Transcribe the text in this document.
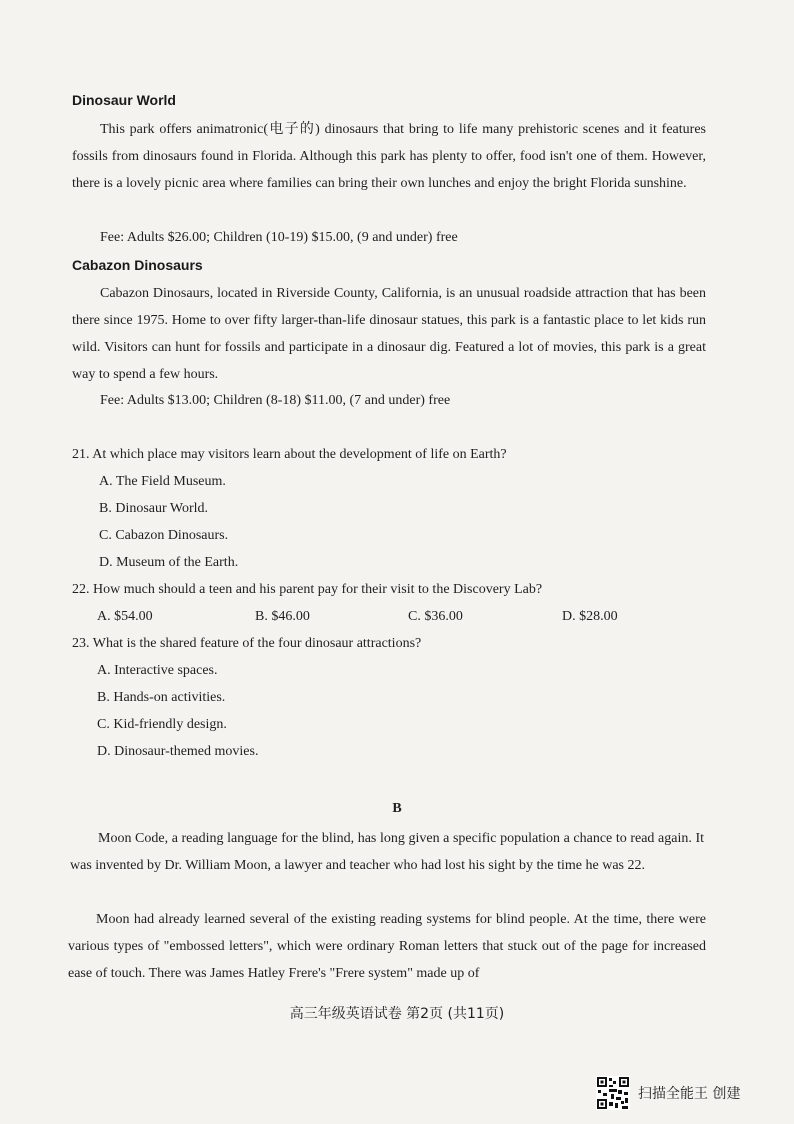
Dinosaur World
This park offers animatronic(电子的) dinosaurs that bring to life many prehistoric scenes and it features fossils from dinosaurs found in Florida. Although this park has plenty to offer, food isn't one of them. However, there is a lovely picnic area where families can bring their own lunches and enjoy the bright Florida sunshine.
Fee: Adults $26.00; Children (10-19) $15.00, (9 and under) free
Cabazon Dinosaurs
Cabazon Dinosaurs, located in Riverside County, California, is an unusual roadside attraction that has been there since 1975. Home to over fifty larger-than-life dinosaur statues, this park is a fantastic place to let kids run wild. Visitors can hunt for fossils and participate in a dinosaur dig. Featured a lot of movies, this park is a great way to spend a few hours.
Fee: Adults $13.00; Children (8-18) $11.00, (7 and under) free
21. At which place may visitors learn about the development of life on Earth?
A. The Field Museum.
B. Dinosaur World.
C. Cabazon Dinosaurs.
D. Museum of the Earth.
22. How much should a teen and his parent pay for their visit to the Discovery Lab?
A. $54.00	B. $46.00	C. $36.00	D. $28.00
23. What is the shared feature of the four dinosaur attractions?
A. Interactive spaces.
B. Hands-on activities.
C. Kid-friendly design.
D. Dinosaur-themed movies.
B
Moon Code, a reading language for the blind, has long given a specific population a chance to read again. It was invented by Dr. William Moon, a lawyer and teacher who had lost his sight by the time he was 22.
Moon had already learned several of the existing reading systems for blind people. At the time, there were various types of "embossed letters", which were ordinary Roman letters that stuck out of the page for increased ease of touch. There was James Hatley Frere's "Frere system" made up of
高三年级英语试卷 第2页 (共11页)
扫描全能王 创建
